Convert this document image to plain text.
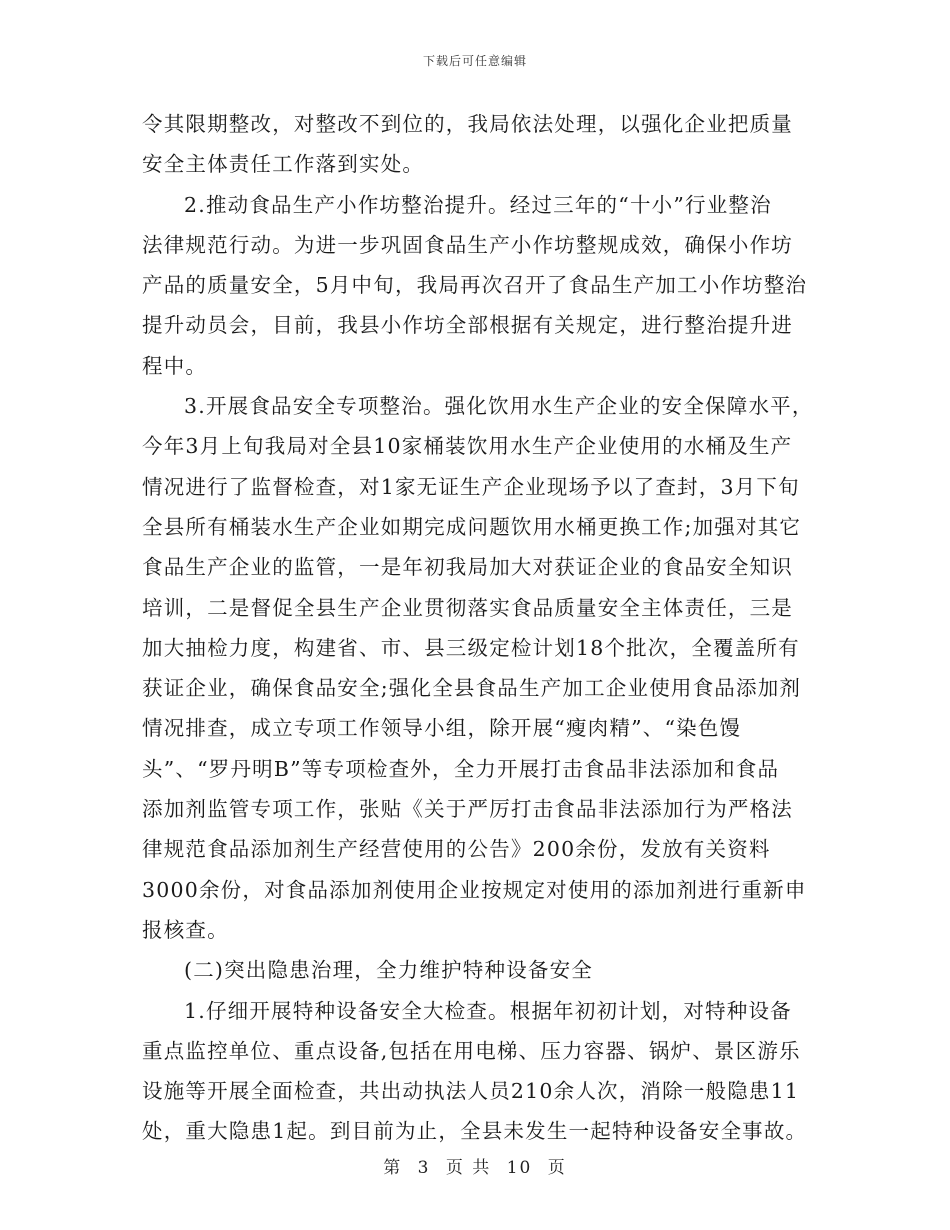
下载后可任意编辑
令其限期整改，对整改不到位的，我局依法处理，以强化企业把质量
安全主体责任工作落到实处。
2.推动食品生产小作坊整治提升。经过三年的“十小”行业整治
法律规范行动。为进一步巩固食品生产小作坊整规成效，确保小作坊
产品的质量安全，5月中旬，我局再次召开了食品生产加工小作坊整治
提升动员会，目前，我县小作坊全部根据有关规定，进行整治提升进
程中。
3.开展食品安全专项整治。强化饮用水生产企业的安全保障水平，
今年3月上旬我局对全县10家桶装饮用水生产企业使用的水桶及生产
情况进行了监督检查，对1家无证生产企业现场予以了查封，3月下旬
全县所有桶装水生产企业如期完成问题饮用水桶更换工作;加强对其它
食品生产企业的监管，一是年初我局加大对获证企业的食品安全知识
培训，二是督促全县生产企业贯彻落实食品质量安全主体责任，三是
加大抽检力度，构建省、市、县三级定检计划18个批次，全覆盖所有
获证企业，确保食品安全;强化全县食品生产加工企业使用食品添加剂
情况排查，成立专项工作领导小组，除开展“瘦肉精”、“染色馒
头”、“罗丹明B”等专项检查外，全力开展打击食品非法添加和食品
添加剂监管专项工作，张贴《关于严厉打击食品非法添加行为严格法
律规范食品添加剂生产经营使用的公告》200余份，发放有关资料
3000余份，对食品添加剂使用企业按规定对使用的添加剂进行重新申
报核查。
(二)突出隐患治理，全力维护特种设备安全
1.仔细开展特种设备安全大检查。根据年初初计划，对特种设备
重点监控单位、重点设备,包括在用电梯、压力容器、锅炉、景区游乐
设施等开展全面检查，共出动执法人员210余人次，消除一般隐患11
处，重大隐患1起。到目前为止，全县未发生一起特种设备安全事故。
第 3 页 共 10 页
